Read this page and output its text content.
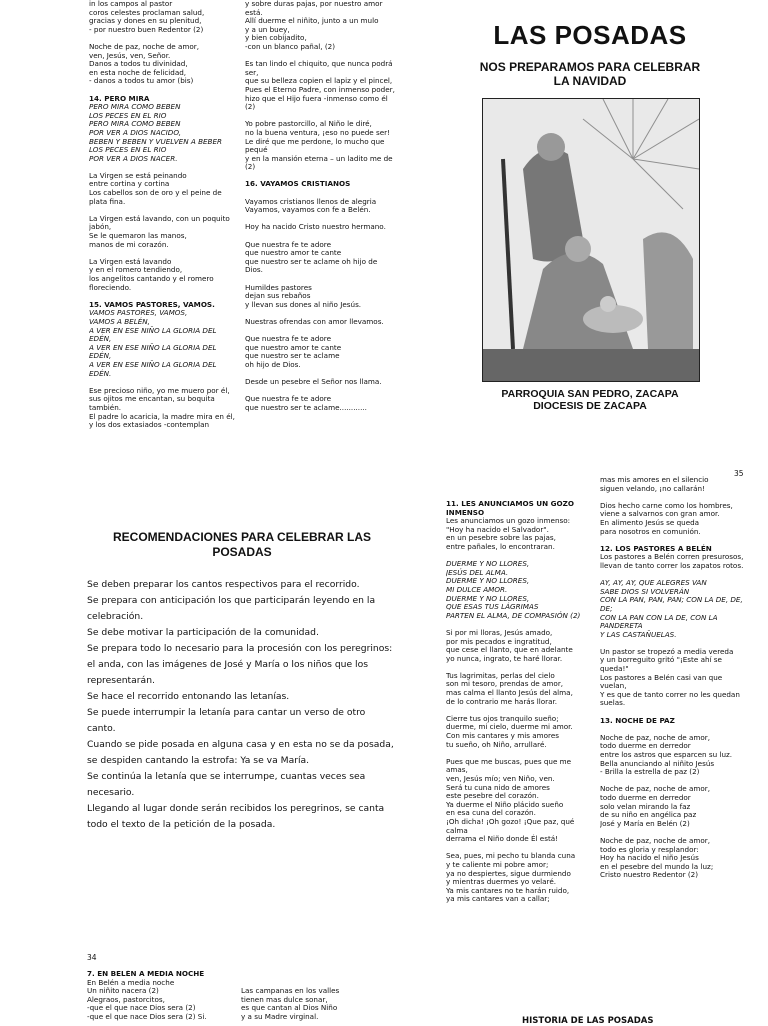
in los campos al pastor
coros celestes proclaman salud,
gracias y dones en su plenitud,
- por nuestro buen Redentor (2)

Noche de paz, noche de amor,
ven, Jesús, ven, Señor.
Danos a todos tu divinidad,
en esta noche de felicidad,
- danos a todos tu amor (bis)

14. PERO MIRA
PERO MIRA COMO BEBEN
LOS PECES EN EL RIO
PERO MIRA COMO BEBEN
POR VER A DIOS NACIDO,
BEBEN Y BEBEN Y VUELVEN A BEBER
LOS PECES EN EL RIO
POR VER A DIOS NACER.

La Virgen se está peinando
entre cortina y cortina
Los cabellos son de oro y el peine de plata fina.

La Virgen está lavando, con un poquito jabón,
Se le quemaron las manos,
manos de mi corazón.

La Virgen está lavando
y en el romero tendiendo,
los angelitos cantando y el romero floreciendo.

15. VAMOS PASTORES, VAMOS.
VAMOS PASTORES, VAMOS,
VAMOS A BELÉN,
A VER EN ESE NIÑO LA GLORIA DEL EDÉN,
A VER EN ESE NIÑO LA GLORIA DEL EDÉN,
A VER EN ESE NIÑO LA GLORIA DEL EDÉN.

Ese precioso niño, yo me muero por él,
sus ojitos me encantan, su boquita también.
El padre lo acaricia, la madre mira en él,
y los dos extasiados -contemplan
y sobre duras pajas, por nuestro amor está.
Allí duerme el niñito, junto a un mulo
y a un buey,
y bien cobijadito,
-con un blanco pañal, (2)

Es tan lindo el chiquito, que nunca podrá ser,
que su belleza copien el lapiz y el pincel,
Pues el Eterno Padre, con inmenso poder,
hizo que el Hijo fuera -inmenso como él (2)

Yo pobre pastorcillo, al Niño le diré,
no la buena ventura, ¡eso no puede ser!
Le diré que me perdone, lo mucho que pequé
y en la mansión eterna – un ladito me de (2)

16. VAYAMOS CRISTIANOS

Vayamos cristianos llenos de alegria
Vayamos, vayamos con fe a Belén.

Hoy ha nacido Cristo nuestro hermano.

Que nuestra fe te adore
que nuestro amor te cante
que nuestro ser te aclame oh hijo de Dios.

Humildes pastores
dejan sus rebaños
y llevan sus dones al niño Jesús.

Nuestras ofrendas con amor llevamos.

Que nuestra fe te adore
que nuestro amor te cante
que nuestro ser te aclame
oh hijo de Dios.

Desde un pesebre el Señor nos llama.

Que nuestra fe te adore
que nuestro ser te aclame............
LAS POSADAS
NOS PREPARAMOS PARA CELEBRAR
LA NAVIDAD
PARROQUIA SAN PEDRO, ZACAPA
DIOCESIS DE ZACAPA
RECOMENDACIONES PARA CELEBRAR LAS
POSADAS

Se deben preparar los cantos respectivos para el recorrido.

Se prepara con anticipación los que participarán leyendo en la

celebración.

Se debe motivar la participación de la comunidad.

Se prepara todo lo necesario para la procesión con los peregrinos:

el anda, con las imágenes de José y María o los niños que los

representarán.

Se hace el recorrido entonando las letanías.

Se puede interrumpir la letanía para cantar un verso de otro

canto.

Cuando se pide posada en alguna casa y en esta no se da posada,

se despiden cantando la estrofa: Ya se va María.

Se continúa la letanía que se interrumpe, cuantas veces sea

necesario.

Llegando al lugar donde serán recibidos los peregrinos, se canta

todo el texto de la petición de la posada.

34
35
11. LES ANUNCIAMOS UN GOZO INMENSO
Les anunciamos un gozo inmenso:
"Hoy ha nacido el Salvador".
en un pesebre sobre las pajas,
entre pañales, lo encontraran.

DUERME Y NO LLORES,
JESÚS DEL ALMA.
DUERME Y NO LLORES,
MI DULCE AMOR.
DUERME Y NO LLORES,
QUE ESAS TUS LÁGRIMAS
PARTEN EL ALMA, DE COMPASIÓN (2)

Si por mi lloras, Jesús amado,
por mis pecados e ingratitud,
que cese el llanto, que en adelante
yo nunca, ingrato, te haré llorar.

Tus lagrimitas, perlas del cielo
son mi tesoro, prendas de amor,
mas calma el llanto Jesús del alma,
de lo contrario me harás llorar.

Cierre tus ojos tranquilo sueño;
duerme, mi cielo, duerme mi amor.
Con mis cantares y mis amores
tu sueño, oh Niño, arrullaré.

Pues que me buscas, pues que me amas,
ven, Jesús mío; ven Niño, ven.
Será tu cuna nido de amores
este pesebre del corazón.
Ya duerme el Niño plácido sueño
en esa cuna del corazón.
¡Oh dicha! ¡Oh gozo! ¡Que paz, qué calma
derrama el Niño donde Él está!

Sea, pues, mi pecho tu blanda cuna
y te caliente mi pobre amor;
ya no despiertes, sigue durmiendo
y mientras duermes yo velaré.
Ya mis cantares no te harán ruido,
ya mis cantares van a callar;
mas mis amores en el silencio
siguen velando, ¡no callarán!

Dios hecho carne como los hombres,
viene a salvarnos con gran amor.
En alimento Jesús se queda
para nosotros en comunión.

12. LOS PASTORES A BELÉN
Los pastores a Belén corren presurosos,
llevan de tanto correr los zapatos rotos.

AY, AY, AY, QUE ALEGRES VAN
SABE DIOS SI VOLVERÁN
CON LA PAN, PAN, PAN; CON LA DE, DE, DE;
CON LA PAN CON LA DE, CON LA PANDERETA
Y LAS CASTAÑUELAS.

Un pastor se tropezó a media vereda
y un borreguito gritó "¡Este ahí se queda!"
Los pastores a Belén casi van que vuelan,
Y es que de tanto correr no les quedan suelas.

13. NOCHE DE PAZ

Noche de paz, noche de amor,
todo duerme en derredor
entre los astros que esparcen su luz.
Bella anunciando al niñito Jesús
- Brilla la estrella de paz (2)

Noche de paz, noche de amor,
todo duerme en derredor
solo velan mirando la faz
de su niño en angélica paz
José y María en Belén (2)

Noche de paz, noche de amor,
todo es gloria y resplandor:
Hoy ha nacido el niño Jesús
en el pesebre del mundo la luz;
Cristo nuestro Redentor (2)
7. EN BELÉN A MEDIA NOCHE
En Belén a media noche
Un niñito nacera (2)
Alegraos, pastorcitos,
-que el que nace Dios sera (2)
-que el que nace Dios sera (2) Si.
Las campanas en los valles
tienen mas dulce sonar,
es que cantan al Dios Niño
y a su Madre virginal.	HISTORIA DE LAS POSADAS
